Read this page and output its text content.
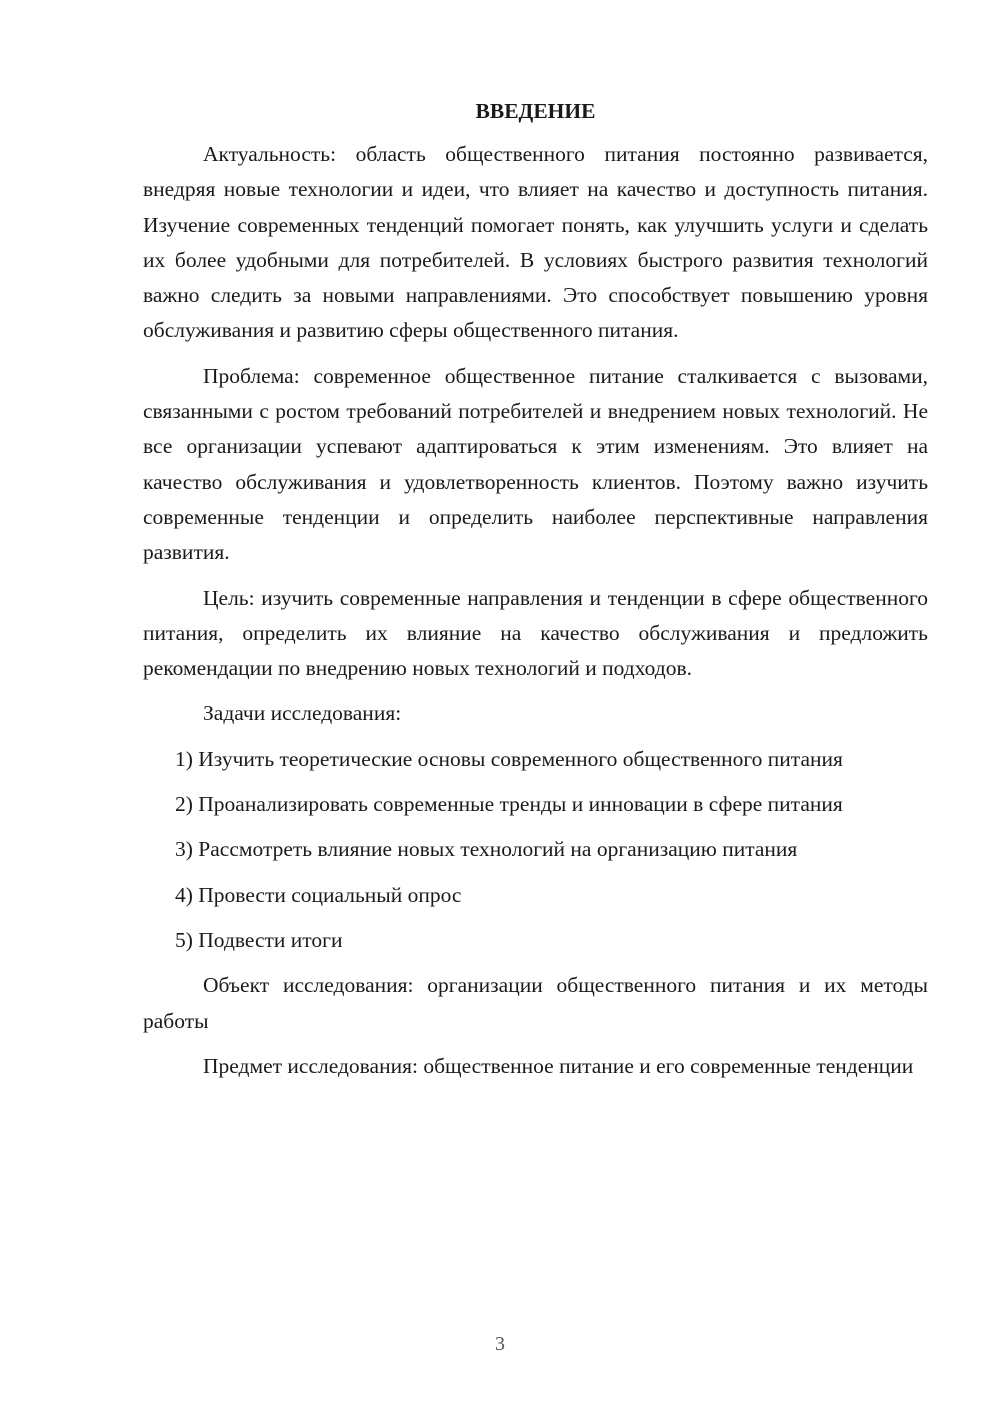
ВВЕДЕНИЕ

Актуальность: область общественного питания постоянно развивается, внедряя новые технологии и идеи, что влияет на качество и доступность питания. Изучение современных тенденций помогает понять, как улучшить услуги и сделать их более удобными для потребителей. В условиях быстрого развития технологий важно следить за новыми направлениями. Это способствует повышению уровня обслуживания и развитию сферы общественного питания.

Проблема: современное общественное питание сталкивается с вызовами, связанными с ростом требований потребителей и внедрением новых технологий. Не все организации успевают адаптироваться к этим изменениям. Это влияет на качество обслуживания и удовлетворенность клиентов. Поэтому важно изучить современные тенденции и определить наиболее перспективные направления развития.

Цель: изучить современные направления и тенденции в сфере общественного питания, определить их влияние на качество обслуживания и предложить рекомендации по внедрению новых технологий и подходов.

Задачи исследования:

1) Изучить теоретические основы современного общественного питания

2) Проанализировать современные тренды и инновации в сфере питания

3) Рассмотреть влияние новых технологий на организацию питания

4) Провести социальный опрос

5) Подвести итоги

Объект исследования: организации общественного питания и их методы работы

Предмет исследования: общественное питание и его современные тенденции

3
